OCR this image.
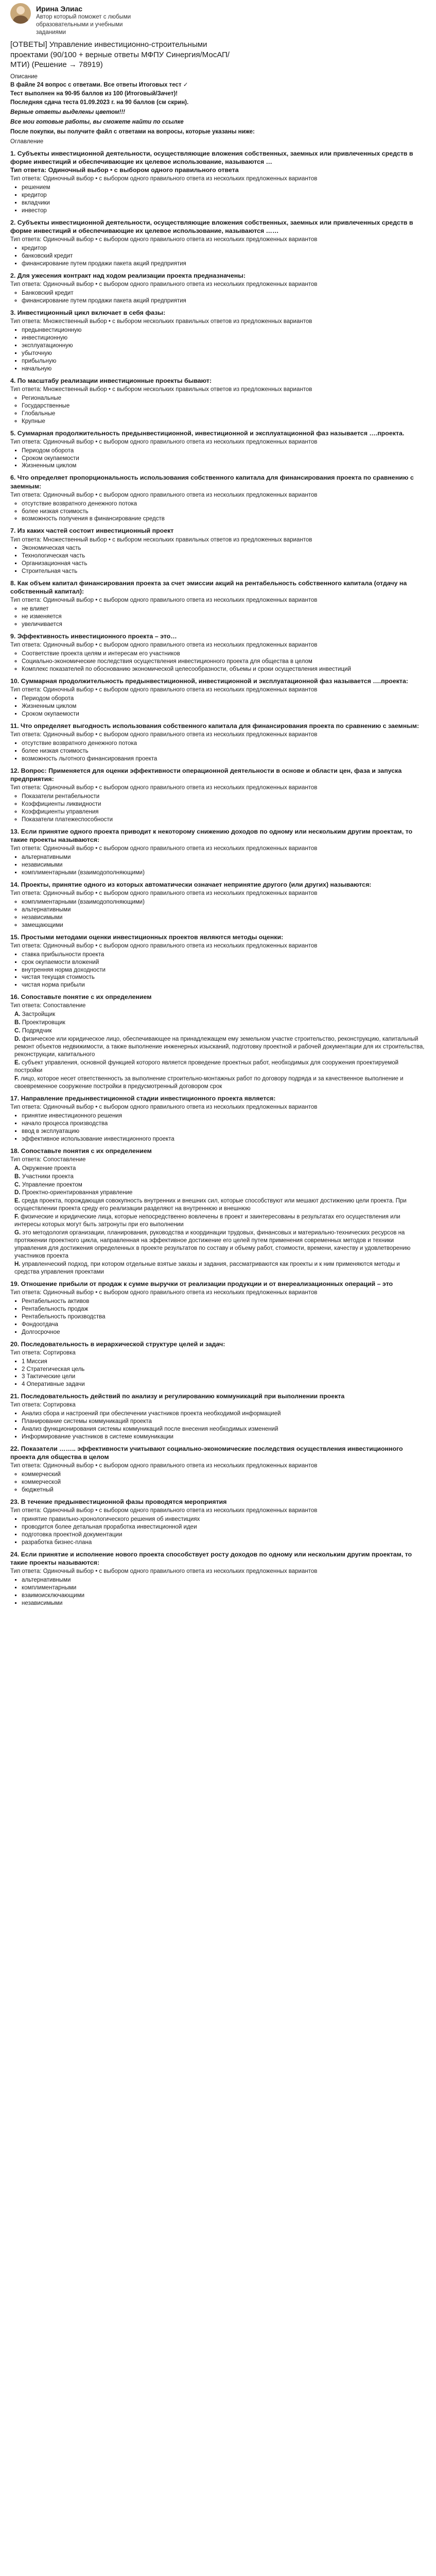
Ирина Элиас
Автор который поможет с любыми образовательными и учебными заданиями
[ОТВЕТЫ] Управление инвестиционно-строительными проектами (90/100 + верные ответы МФПУ Синергия/МосАП/МТИ) (Решение → 78919)
Описание
В файле 24 вопрос с ответами. Все ответы Итоговых тест ✓
Тест выполнен на 90-95 баллов из 100 (Итоговый/Зачет)!
Последняя сдача теста 01.09.2023 г. на 90 баллов (см скрин).
Верные ответы выделены цветом!!!
Все мои готовые работы, вы сможете найти по ссылке
После покупки, вы получите файл с ответами на вопросы, которые указаны ниже:
Оглавление
1. Субъекты инвестиционной деятельности, осуществляющие вложения собственных, заемных или привлеченных средств в форме инвестиций и обеспечивающие их целевое использование, называются …
Тип ответа: Одиночный выбор • с выбором одного правильного ответа
Тип ответа: Одиночный выбор • с выбором одного правильного ответа из нескольких предложенных вариантов
▪ решением
▪ кредитор
▪ вкладчики
▪ инвестор
2. Субъекты инвестиционной деятельности, осуществляющие вложения собственных, заемных или привлеченных средств в форме инвестиций и обеспечивающие их целевое использование, называются ……
Тип ответа: Одиночный выбор • с выбором одного правильного ответа из нескольких предложенных вариантов
▪ кредитор
▪ банковский кредит
▪ финансирование путем продажи пакета акций предприятия
2. Для ужесения контракт над ходом реализации проекта предназначены:
Тип ответа: Одиночный выбор • с выбором одного правильного ответа из нескольких предложенных вариантов
◦ Банковский кредит
◦ финансирование путем продажи пакета акций предприятия
3. Инвестиционный цикл включает в себя фазы:
Тип ответа: Множественный выбор • с выбором нескольких правильных ответов из предложенных вариантов
▪ предынвестиционную
▪ инвестиционную
▪ эксплуатационную
▪ убыточную
▪ прибыльную
▪ начальную
4. По масштабу реализации инвестиционные проекты бывают:
Тип ответа: Множественный выбор • с выбором нескольких правильных ответов из предложенных вариантов
◦ Региональные
◦ Государственные
◦ Глобальные
◦ Крупные
5. Суммарная продолжительность предынвестиционной, инвестиционной и эксплуатационной фаз называется ….проекта.
Тип ответа: Одиночный выбор • с выбором одного правильного ответа из нескольких предложенных вариантов
▪ Периодом оборота
▪ Сроком окупаемости
▪ Жизненным циклом
6. Что определяет пропорциональность использования собственного капитала для финансирования проекта по сравнению с заемным:
Тип ответа: Одиночный выбор • с выбором одного правильного ответа из нескольких предложенных вариантов
◦ отсутствие возвратного денежного потока
◦ более низкая стоимость
◦ возможность получения в финансирование средств
7. Из каких частей состоит инвестиционный проект
Тип ответа: Множественный выбор • с выбором нескольких правильных ответов из предложенных вариантов
▪ Экономическая часть
▪ Технологическая часть
▪ Организационная часть
▪ Строительная часть
8. Как объем капитал финансирования проекта за счет эмиссии акций на рентабельность собственного капитала (отдачу на собственный капитал):
Тип ответа: Одиночный выбор • с выбором одного правильного ответа из нескольких предложенных вариантов
◦ не влияет
◦ не изменяется
◦ увеличивается
9. Эффективность инвестиционного проекта – это…
Тип ответа: Одиночный выбор • с выбором одного правильного ответа из нескольких предложенных вариантов
◦ Соответствие проекта целям и интересам его участников
◦ Социально-экономические последствия осуществления инвестиционного проекта для общества в целом
◦ Комплекс показателей по обоснованию экономической целесообразности, объемы и сроки осуществления инвестиций
10. Суммарная продолжительность предынвестиционной, инвестиционной и эксплуатационной фаз называется ….проекта:
Тип ответа: Одиночный выбор • с выбором одного правильного ответа из нескольких предложенных вариантов
▪ Периодом оборота
▪ Жизненным циклом
▪ Сроком окупаемости
11. Что определяет выгодность использования собственного капитала для финансирования проекта по сравнению с заемным:
Тип ответа: Одиночный выбор • с выбором одного правильного ответа из нескольких предложенных вариантов
▪ отсутствие возвратного денежного потока
▪ более низкая стоимость
▪ возможность льготного финансирования проекта
12. Вопрос: Применяется для оценки эффективности операционной деятельности в основе и области цен, фаза и запуска предприятия:
Тип ответа: Одиночный выбор • с выбором одного правильного ответа из нескольких предложенных вариантов
◦ Показатели рентабельности
◦ Коэффициенты ликвидности
◦ Коэффициенты управления
◦ Показатели платежеспособности
13. Если принятие одного проекта приводит к некоторому снижению доходов по одному или нескольким другим проектам, то такие проекты называются:
Тип ответа: Одиночный выбор • с выбором одного правильного ответа из нескольких предложенных вариантов
▪ альтернативными
▪ независимыми
▪ комплиментарными (взаимодополняющими)
14. Проекты, принятие одного из которых автоматически означает непринятие другого (или других) называются:
Тип ответа: Одиночный выбор • с выбором одного правильного ответа из нескольких предложенных вариантов
◦ комплиментарными (взаимодополняющими)
◦ альтернативными
◦ независимыми
◦ замещающими
15. Простыми методами оценки инвестиционных проектов являются методы оценки:
Тип ответа: Одиночный выбор • с выбором одного правильного ответа из нескольких предложенных вариантов
▪ ставка прибыльности проекта
▪ срок окупаемости вложений
▪ внутренняя норма доходности
▪ чистая текущая стоимость
▪ чистая норма прибыли
16. Сопоставьте понятие с их определением
Тип ответа: Сопоставление
A. Застройщик
B. Проектировщик
C. Подрядчик
D. физическое или юридическое лицо, обеспечивающее на принадлежащем ему земельном участке строительство, реконструкцию, капитальный ремонт объектов недвижимости, а также выполнение инженерных изысканий, подготовку проектной и рабочей документации для их строительства, реконструкции, капитального
E. субъект управления, основной функцией которого является проведение проектных работ, необходимых для сооружения проектируемой постройки
F. лицо, которое несет ответственность за выполнение строительно-монтажных работ по договору подряда и за качественное выполнение и своевременное сооружение постройки в предусмотренный договором срок
17. Направление предынвестиционной стадии инвестиционного проекта является:
Тип ответа: Одиночный выбор • с выбором одного правильного ответа из нескольких предложенных вариантов
▪ принятие инвестиционного решения
▪ начало процесса производства
▪ ввод в эксплуатацию
▪ эффективное использование инвестиционного проекта
18. Сопоставьте понятия с их определением
Тип ответа: Сопоставление
A. Окружение проекта
B. Участники проекта
C. Управление проектом
D. Проектно-ориентированная управление
E. среда проекта, порождающая совокупность внутренних и внешних сил, которые способствуют или мешают достижению цели проекта. При осуществлении проекта среду его реализации разделяют на внутреннюю и внешнюю
F. физические и юридические лица, которые непосредственно вовлечены в проект и заинтересованы в результатах его осуществления или интересы которых могут быть затронуты при его выполнении
G. это методология организации, планирования, руководства и координации трудовых, финансовых и материально-технических ресурсов на протяжении проектного цикла, направленная на эффективное достижение его целей путем применения современных методов и техники управления для достижения определенных в проекте результатов по составу и объему работ, стоимости, времени, качеству и удовлетворению участников проекта
H. управленческий подход, при котором отдельные взятые заказы и задания, рассматриваются как проекты и к ним применяются методы и средства управления проектами
19. Отношение прибыли от продаж к сумме выручки от реализации продукции и от внереализационных операций – это
Тип ответа: Одиночный выбор • с выбором одного правильного ответа из нескольких предложенных вариантов
▪ Рентабельность активов
▪ Рентабельность продаж
▪ Рентабельность производства
▪ Фондоотдача
▪ Долгосрочное
20. Последовательность в иерархической структуре целей и задач:
Тип ответа: Сортировка
▪ 1 Миссия
▪ 2 Стратегическая цель
▪ 3 Тактические цели
▪ 4 Оперативные задачи
21. Последовательность действий по анализу и регулированию коммуникаций при выполнении проекта
Тип ответа: Сортировка
▪ Анализ сбора и настроений при обеспечении участников проекта необходимой информацией
▪ Планирование системы коммуникаций проекта
▪ Анализ функционирования системы коммуникаций после внесения необходимых изменений
▪ Информирование участников в системе коммуникации
22. Показатели …….. эффективности учитывают социально-экономические последствия осуществления инвестиционного проекта для общества в целом
Тип ответа: Одиночный выбор • с выбором одного правильного ответа из нескольких предложенных вариантов
◦ коммерческий
◦ коммерческой
◦ бюджетный
23. В течение предынвестиционной фазы проводятся мероприятия
Тип ответа: Одиночный выбор • с выбором одного правильного ответа из нескольких предложенных вариантов
▪ принятие правильно-хронологического решения об инвестициях
▪ проводится более детальная проработка инвестиционной идеи
▪ подготовка проектной документации
▪ разработка бизнес-плана
24. Если принятие и исполнение нового проекта способствует росту доходов по одному или нескольким другим проектам, то такие проекты называются:
Тип ответа: Одиночный выбор • с выбором одного правильного ответа из нескольких предложенных вариантов
▪ альтернативными
▪ комплиментарными
▪ взаимоисключающими
▪ независимыми
